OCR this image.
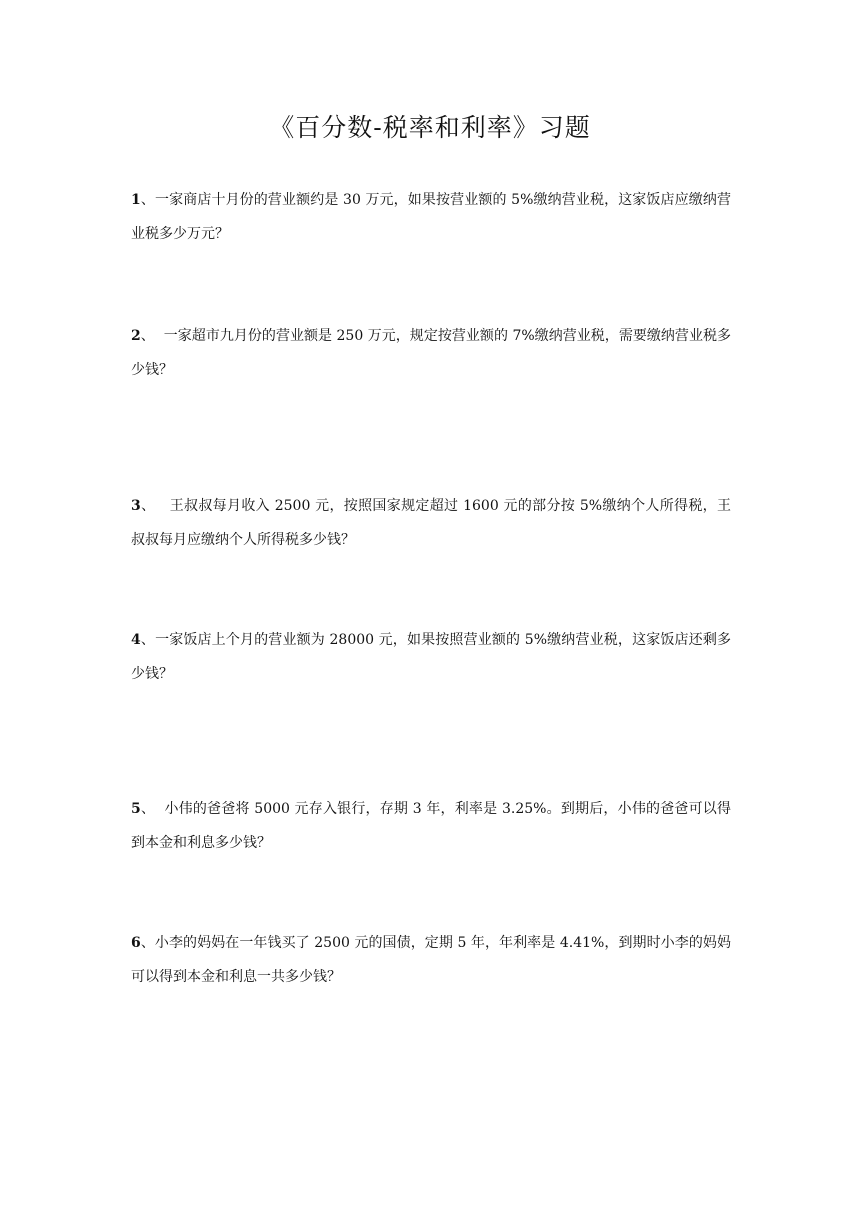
《百分数-税率和利率》习题
1、一家商店十月份的营业额约是 30 万元，如果按营业额的 5%缴纳营业税，这家饭店应缴纳营业税多少万元？
2、  一家超市九月份的营业额是 250 万元，规定按营业额的 7%缴纳营业税，需要缴纳营业税多少钱？
3、   王叔叔每月收入 2500 元，按照国家规定超过 1600 元的部分按 5%缴纳个人所得税，王叔叔每月应缴纳个人所得税多少钱？
4、一家饭店上个月的营业额为 28000 元，如果按照营业额的 5%缴纳营业税，这家饭店还剩多少钱？
5、  小伟的爸爸将 5000 元存入银行，存期 3 年，利率是 3.25%。到期后，小伟的爸爸可以得到本金和利息多少钱？
6、小李的妈妈在一年钱买了 2500 元的国债，定期 5 年，年利率是 4.41%，到期时小李的妈妈可以得到本金和利息一共多少钱？
